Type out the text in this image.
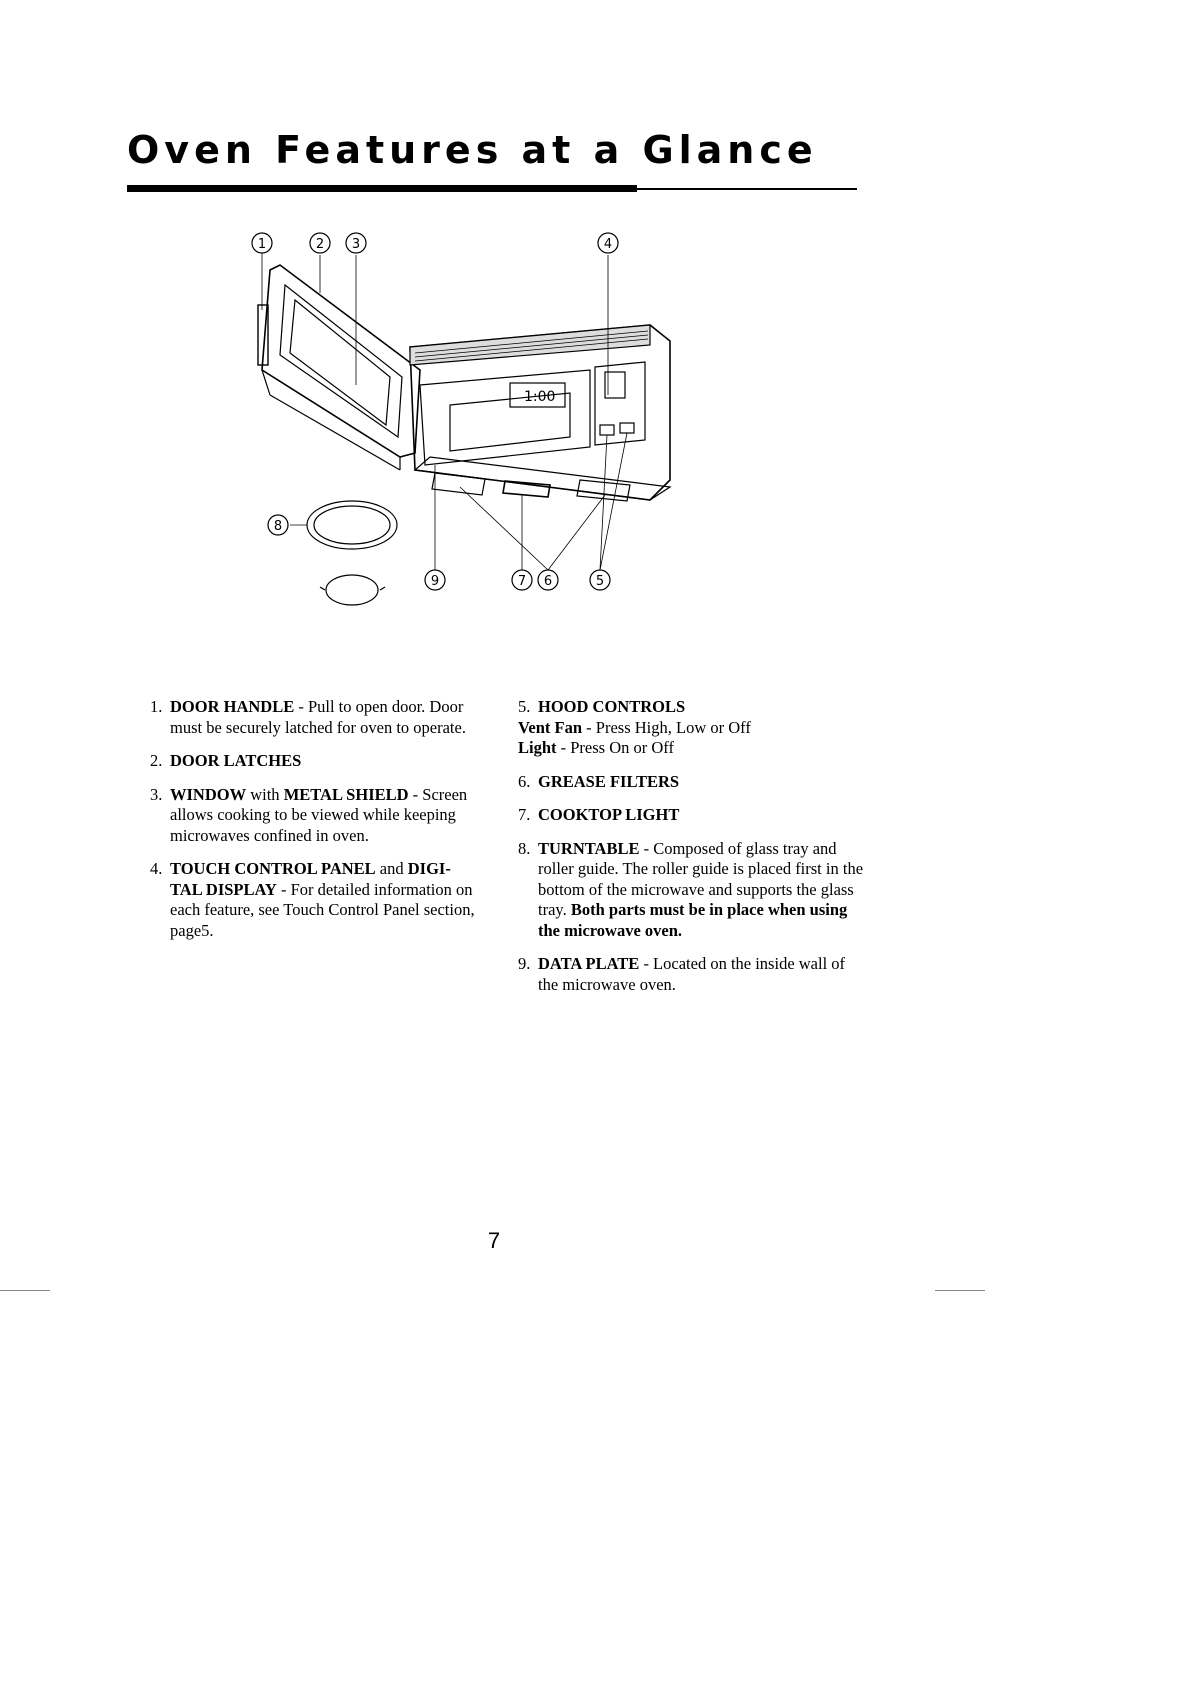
Oven Features at a Glance
1:00
1	2 3	4
5
6
7
8
9

1. DOOR HANDLE - Pull to open door. Door must be securely latched for oven to operate.

2. DOOR LATCHES

3. WINDOW with METAL SHIELD - Screen allows cooking to be viewed while keeping microwaves confined in oven.

4. TOUCH CONTROL PANEL and DIGI-TAL DISPLAY - For detailed information on each feature, see Touch Control Panel section, page5.

5. HOOD CONTROLS
Vent Fan - Press High, Low or Off
Light - Press On or Off

6. GREASE FILTERS

7. COOKTOP LIGHT

8. TURNTABLE - Composed of glass tray and roller guide. The roller guide is placed first in the bottom of the microwave and supports the glass tray. Both parts must be in place when using the microwave oven.

9. DATA PLATE - Located on the inside wall of the microwave oven.

7
